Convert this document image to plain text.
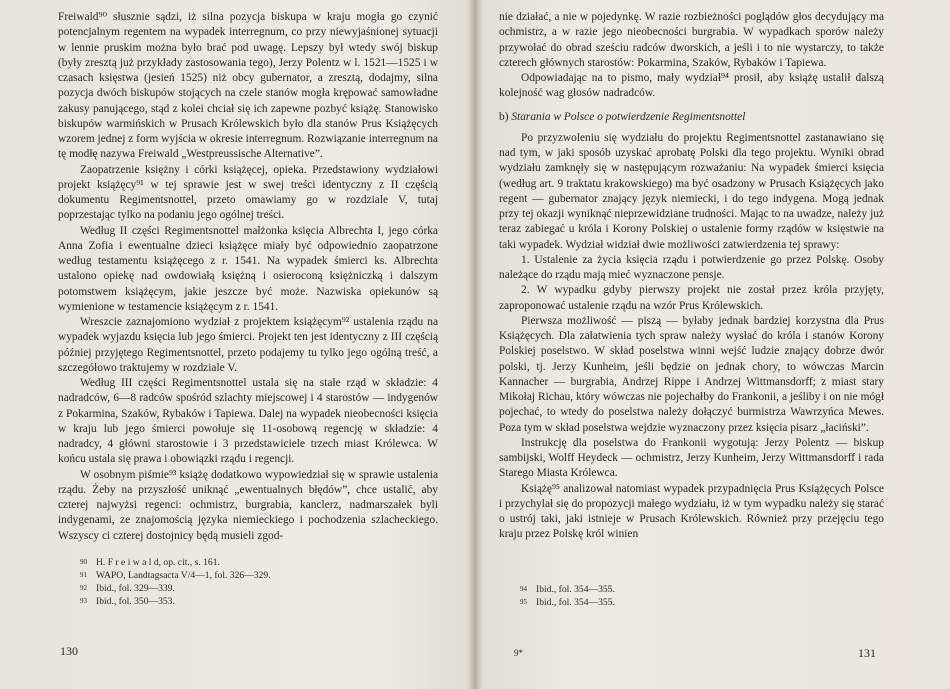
Freiwald⁹⁰ słusznie sądzi, iż silna pozycja biskupa w kraju mogła go czynić potencjalnym regentem na wypadek interregnum, co przy niewyjaśnionej sytuacji w lennie pruskim można było brać pod uwagę. Lepszy był wtedy swój biskup (były zresztą już przykłady zastosowania tego), Jerzy Polentz w l. 1521—1525 i w czasach księstwa (jesień 1525) niż obcy gubernator, a zresztą, dodajmy, silna pozycja dwóch biskupów stojących na czele stanów mogła krępować samowładne zakusy panującego, stąd z kolei chciał się ich zapewne pozbyć książę. Stanowisko biskupów warmińskich w Prusach Królewskich było dla stanów Prus Książęcych wzorem jednej z form wyjścia w okresie interregnum. Rozwiązanie interregnum na tę modłę nazywa Freiwald „Westpreussische Alternative”.

Zaopatrzenie księżny i córki książęcej, opieka. Przedstawiony wydziałowi projekt książęcy⁹¹ w tej sprawie jest w swej treści identyczny z II częścią dokumentu Regimentsnottel, przeto omawiamy go w rozdziale V, tutaj poprzestając tylko na podaniu jego ogólnej treści.

Według II części Regimentsnottel małżonka księcia Albrechta I, jego córka Anna Zofia i ewentualne dzieci książęce miały być odpowiednio zaopatrzone według testamentu książęcego z r. 1541. Na wypadek śmierci ks. Albrechta ustalono opiekę nad owdowiałą księżną i osieroconą księżniczką i dalszym potomstwem książęcym, jakie jeszcze być może. Nazwiska opiekunów są wymienione w testamencie książęcym z r. 1541.

Wreszcie zaznajomiono wydział z projektem książęcym⁹² ustalenia rządu na wypadek wyjazdu księcia lub jego śmierci. Projekt ten jest identyczny z III częścią później przyjętego Regimentsnottel, przeto podajemy tu tylko jego ogólną treść, a szczegółowo traktujemy w rozdziale V.

Według III części Regimentsnottel ustala się na stałe rząd w składzie: 4 nadradców, 6—8 radców spośród szlachty miejscowej i 4 starostów — indygenów z Pokarmina, Szaków, Rybaków i Tapiewa. Dalej na wypadek nieobecności księcia w kraju lub jego śmierci powołuje się 11-osobową regencję w składzie: 4 nadradcy, 4 główni starostowie i 3 przedstawiciele trzech miast Królewca. W końcu ustala się prawa i obowiązki rządu i regencji.

W osobnym piśmie⁹³ książę dodatkowo wypowiedział się w sprawie ustalenia rządu. Żeby na przyszłość uniknąć „ewentualnych błędów”, chce ustalić, aby czterej najwyżsi regenci: ochmistrz, burgrabia, kanclerz, nadmarszałek byli indygenami, ze znajomością języka niemieckiego i pochodzenia szlacheckiego. Wszyscy ci czterej dostojnicy będą musieli zgod-

90 H. F r e i w a l d, op. cit., s. 161.

91 WAPO, Landtagsacta V/4—1, fol. 326—329.

92 Ibid., fol. 329—339.

93 Ibid., fol. 350—353.

130

nie działać, a nie w pojedynkę. W razie rozbieżności poglądów głos decydujący ma ochmistrz, a w razie jego nieobecności burgrabia. W wypadkach sporów należy przywołać do obrad sześciu radców dworskich, a jeśli i to nie wystarczy, to także czterech głównych starostów: Pokarmina, Szaków, Rybaków i Tapiewa.

Odpowiadając na to pismo, mały wydział⁹⁴ prosił, aby książę ustalił dalszą kolejność wag głosów nadradców.

b) Starania w Polsce o potwierdzenie Regimentsnottel

Po przyzwoleniu się wydziału do projektu Regimentsnottel zastanawiano się nad tym, w jaki sposób uzyskać aprobatę Polski dla tego projektu. Wyniki obrad wydziału zamknęły się w następującym rozważaniu: Na wypadek śmierci księcia (według art. 9 traktatu krakowskiego) ma być osadzony w Prusach Książęcych jako regent — gubernator znający język niemiecki, i do tego indygena. Mogą jednak przy tej okazji wyniknąć nieprzewidziane trudności. Mając to na uwadze, należy już teraz zabiegać u króla i Korony Polskiej o ustalenie formy rządów w księstwie na taki wypadek. Wydział widział dwie możliwości zatwierdzenia tej sprawy:

1. Ustalenie za życia księcia rządu i potwierdzenie go przez Polskę. Osoby należące do rządu mają mieć wyznaczone pensje.

2. W wypadku gdyby pierwszy projekt nie został przez króla przyjęty, zaproponować ustalenie rządu na wzór Prus Królewskich.

Pierwsza możliwość — piszą — byłaby jednak bardziej korzystna dla Prus Książęcych. Dla załatwienia tych spraw należy wysłać do króla i stanów Korony Polskiej poselstwo. W skład poselstwa winni wejść ludzie znający dobrze dwór polski, tj. Jerzy Kunheim, jeśli będzie on jednak chory, to wówczas Marcin Kannacher — burgrabia, Andrzej Rippe i Andrzej Wittmansdorff; z miast stary Mikołaj Richau, który wówczas nie pojechałby do Frankonii, a jeśliby i on nie mógł pojechać, to wtedy do poselstwa należy dołączyć burmistrza Wawrzyńca Mewes. Poza tym w skład poselstwa wejdzie wyznaczony przez księcia pisarz „łaciński”.

Instrukcję dla poselstwa do Frankonii wygotują: Jerzy Polentz — biskup sambijski, Wolff Heydeck — ochmistrz, Jerzy Kunheim, Jerzy Wittmansdorff i rada Starego Miasta Królewca.

Książę⁹⁵ analizował natomiast wypadek przypadnięcia Prus Książęcych Polsce i przychylał się do propozycji małego wydziału, iż w tym wypadku należy się starać o ustrój taki, jaki istnieje w Prusach Królewskich. Również przy przejęciu tego kraju przez Polskę król winien

94 Ibid., fol. 354—355.

95 Ibid., fol. 354—355.

9*	131
